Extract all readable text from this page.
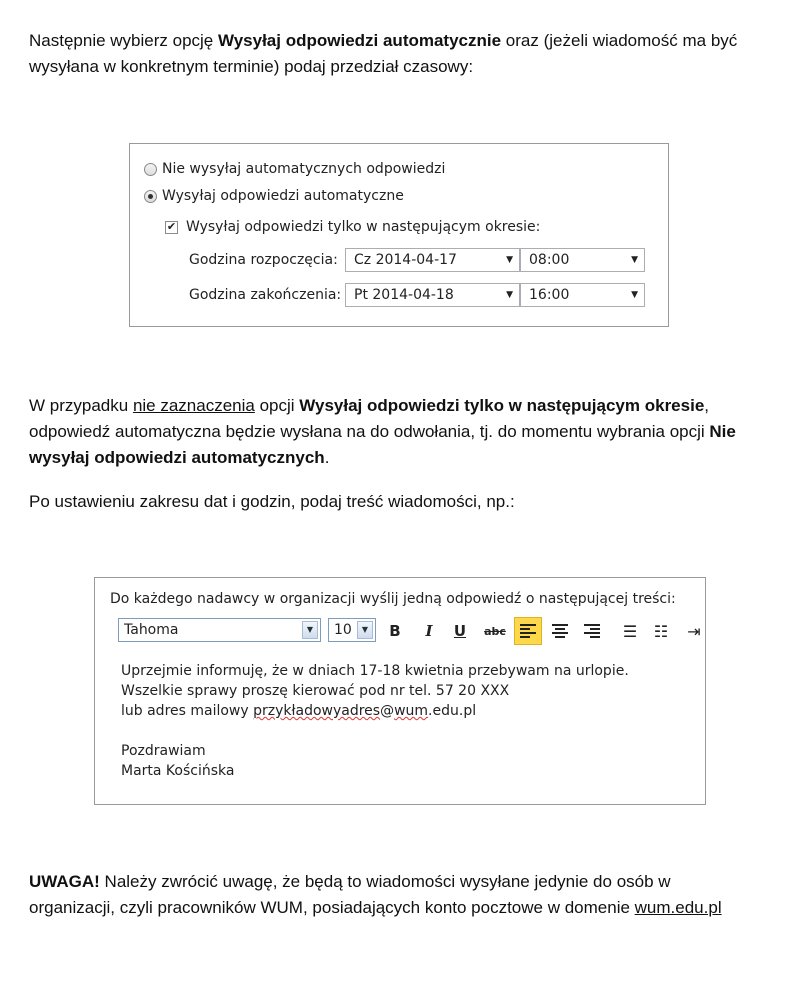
Następnie wybierz opcję Wysyłaj odpowiedzi automatycznie oraz (jeżeli wiadomość ma być wysyłana w konkretnym terminie) podaj przedział czasowy:
Nie wysyłaj automatycznych odpowiedzi
Wysyłaj odpowiedzi automatyczne
✔
Wysyłaj odpowiedzi tylko w następującym okresie:
Godzina rozpoczęcia: Cz 2014-04-17	▼ 08:00	▼
Godzina zakończenia: Pt 2014-04-18	▼ 16:00	▼
W przypadku nie zaznaczenia opcji Wysyłaj odpowiedzi tylko w następującym okresie, odpowiedź automatyczna będzie wysłana na do odwołania, tj. do momentu wybrania opcji Nie wysyłaj odpowiedzi automatycznych.
Po ustawieniu zakresu dat i godzin, podaj treść wiadomości, np.:
Do każdego nadawcy w organizacji wyślij jedną odpowiedź o następującej treści:
Tahoma	▼	10	▼	B	I	U	abc	☰ ☷ ⇥
Uprzejmie informuję, że w dniach 17-18 kwietnia przebywam na urlopie.
Wszelkie sprawy proszę kierować pod nr tel. 57 20 XXX
lub adres mailowy przykładowyadres@wum.edu.pl

Pozdrawiam
Marta Kościńska
UWAGA! Należy zwrócić uwagę, że będą to wiadomości wysyłane jedynie do osób w organizacji, czyli pracowników WUM, posiadających konto pocztowe w domenie wum.edu.pl
